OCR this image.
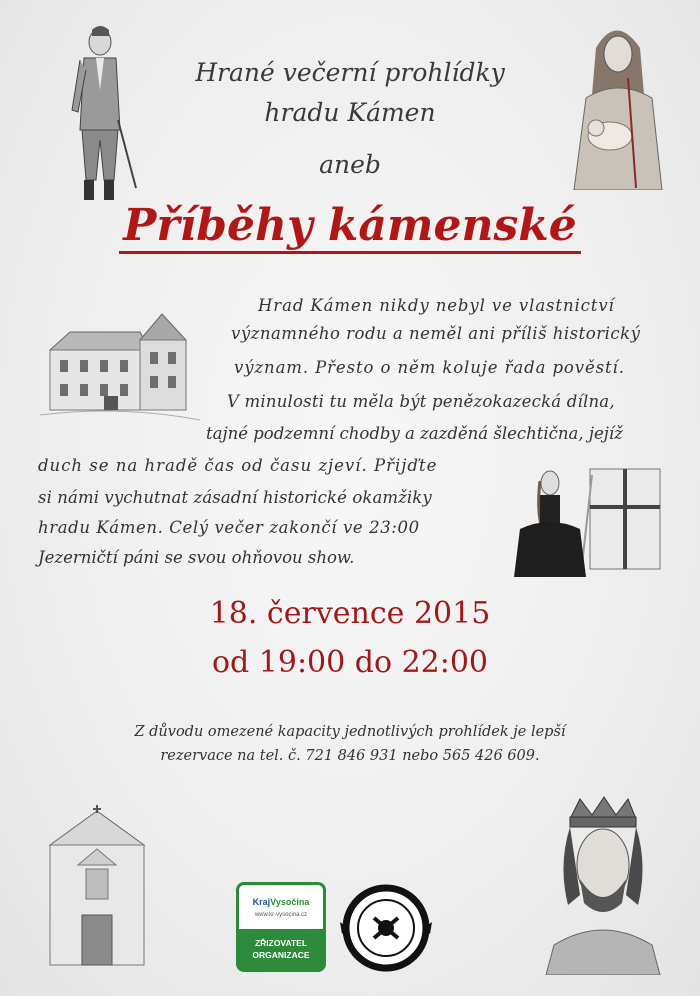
Hrané večerní prohlídky
hradu Kámen
aneb
Příběhy kámenské
Hrad Kámen nikdy nebyl ve vlastnictví
významného rodu a neměl ani příliš historický
význam. Přesto o něm koluje řada pověstí.
V minulosti tu měla být penězokazecká dílna,
tajné podzemní chodby a zazděná šlechtična, jejíž
duch se na hradě čas od času zjeví. Přijďte
si námi vychutnat zásadní historické okamžiky
hradu Kámen. Celý večer zakončí ve 23:00
Jezerničtí páni se svou ohňovou show.
18. července 2015
od 19:00 do 22:00
Z důvodu omezené kapacity jednotlivých prohlídek je lepší
rezervace na tel. č. 721 846 931 nebo 565 426 609.
KrajVysočina
www.kr-vysocina.cz
ZŘIZOVATEL
ORGANIZACE
